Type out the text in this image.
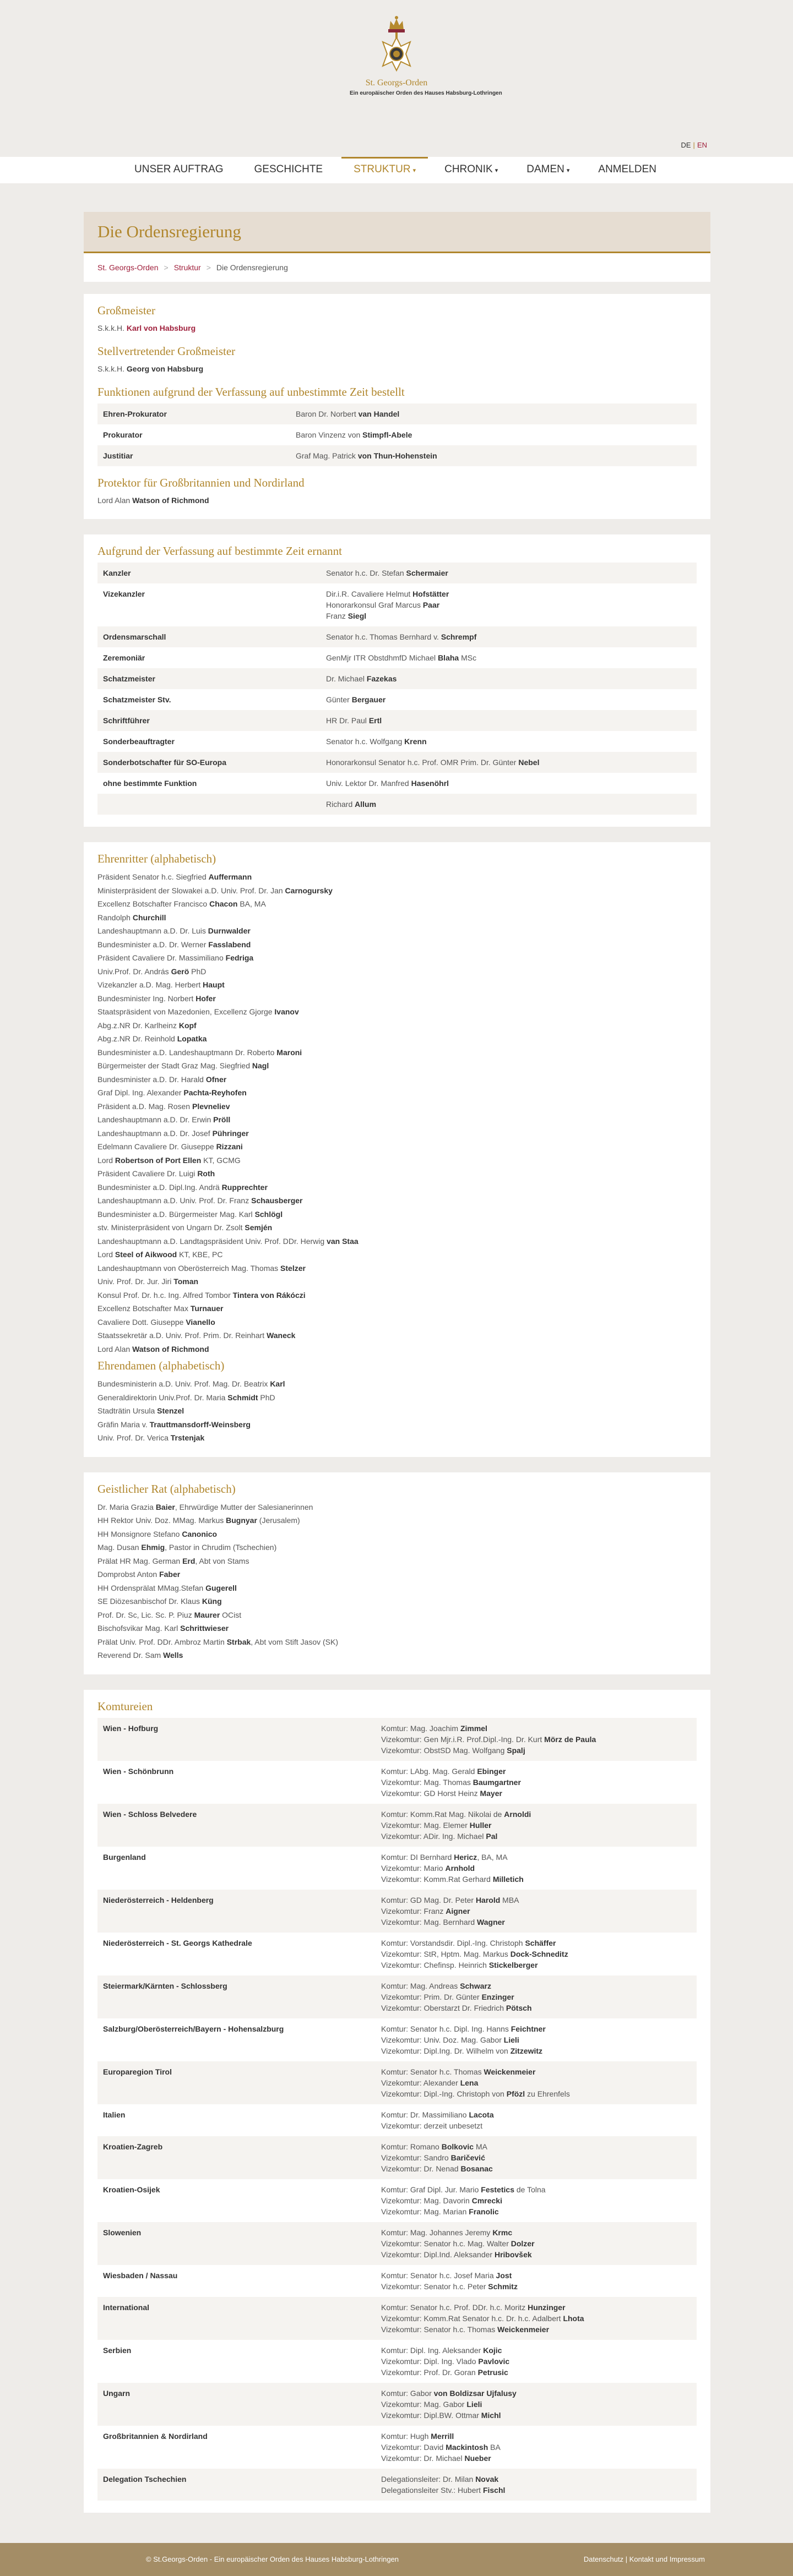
St. Georgs-Orden
Ein europäischer Orden des Hauses Habsburg-Lothringen
DE | EN
UNSER AUFTRAG	GESCHICHTE	STRUKTUR ▾	CHRONIK ▾	DAMEN ▾	ANMELDEN
Die Ordensregierung
St. Georgs-Orden > Struktur > Die Ordensregierung
Großmeister
S.k.k.H. Karl von Habsburg
Stellvertretender Großmeister
S.k.k.H. Georg von Habsburg
Funktionen aufgrund der Verfassung auf unbestimmte Zeit bestellt
Ehren-Prokurator	Baron Dr. Norbert van Handel

Prokurator	Baron Vinzenz von Stimpfl-Abele

Justitiar	Graf Mag. Patrick von Thun-Hohenstein
Protektor für Großbritannien und Nordirland
Lord Alan Watson of Richmond
Aufgrund der Verfassung auf bestimmte Zeit ernannt
Kanzler	Senator h.c. Dr. Stefan Schermaier

Vizekanzler	Dir.i.R. Cavaliere Helmut Hofstätter
Honorarkonsul Graf Marcus Paar
Franz Siegl

Ordensmarschall	Senator h.c. Thomas Bernhard v. Schrempf

Zeremoniär	GenMjr ITR ObstdhmfD Michael Blaha MSc

Schatzmeister	Dr. Michael Fazekas

Schatzmeister Stv.	Günter Bergauer

Schriftführer	HR Dr. Paul Ertl

Sonderbeauftragter	Senator h.c. Wolfgang Krenn

Sonderbotschafter für SO-Europa	Honorarkonsul Senator h.c. Prof. OMR Prim. Dr. Günter Nebel

ohne bestimmte Funktion	Univ. Lektor Dr. Manfred Hasenöhrl

	Richard Allum
Ehrenritter (alphabetisch)
Präsident Senator h.c. Siegfried Auffermann
Ministerpräsident der Slowakei a.D. Univ. Prof. Dr. Jan Carnogursky
Excellenz Botschafter Francisco Chacon BA, MA
Randolph Churchill
Landeshauptmann a.D. Dr. Luis Durnwalder
Bundesminister a.D. Dr. Werner Fasslabend
Präsident Cavaliere Dr. Massimiliano Fedriga
Univ.Prof. Dr. András Gerö PhD
Vizekanzler a.D. Mag. Herbert Haupt
Bundesminister Ing. Norbert Hofer
Staatspräsident von Mazedonien, Excellenz Gjorge Ivanov
Abg.z.NR Dr. Karlheinz Kopf
Abg.z.NR Dr. Reinhold Lopatka
Bundesminister a.D. Landeshauptmann Dr. Roberto Maroni
Bürgermeister der Stadt Graz Mag. Siegfried Nagl
Bundesminister a.D. Dr. Harald Ofner
Graf Dipl. Ing. Alexander Pachta-Reyhofen
Präsident a.D. Mag. Rosen Plevneliev
Landeshauptmann a.D. Dr. Erwin Pröll
Landeshauptmann a.D. Dr. Josef Pühringer
Edelmann Cavaliere Dr. Giuseppe Rizzani
Lord Robertson of Port Ellen KT, GCMG
Präsident Cavaliere Dr. Luigi Roth
Bundesminister a.D. Dipl.Ing. Andrä Rupprechter
Landeshauptmann a.D. Univ. Prof. Dr. Franz Schausberger
Bundesminister a.D. Bürgermeister Mag. Karl Schlögl
stv. Ministerpräsident von Ungarn Dr. Zsolt Semjén
Landeshauptmann a.D. Landtagspräsident Univ. Prof. DDr. Herwig van Staa
Lord Steel of Aikwood KT, KBE, PC
Landeshauptmann von Oberösterreich Mag. Thomas Stelzer
Univ. Prof. Dr. Jur. Jiri Toman
Konsul Prof. Dr. h.c. Ing. Alfred Tombor Tintera von Rákóczi
Excellenz Botschafter Max Turnauer
Cavaliere Dott. Giuseppe Vianello
Staatssekretär a.D. Univ. Prof. Prim. Dr. Reinhart Waneck
Lord Alan Watson of Richmond
Ehrendamen (alphabetisch)
Bundesministerin a.D. Univ. Prof. Mag. Dr. Beatrix Karl
Generaldirektorin Univ.Prof. Dr. Maria Schmidt PhD
Stadträtin Ursula Stenzel
Gräfin Maria v. Trauttmansdorff-Weinsberg
Univ. Prof. Dr. Verica Trstenjak
Geistlicher Rat (alphabetisch)
Dr. Maria Grazia Baier, Ehrwürdige Mutter der Salesianerinnen
HH Rektor Univ. Doz. MMag. Markus Bugnyar (Jerusalem)
HH Monsignore Stefano Canonico
Mag. Dusan Ehmig, Pastor in Chrudim (Tschechien)
Prälat HR Mag. German Erd, Abt von Stams
Domprobst Anton Faber
HH Ordensprälat MMag.Stefan Gugerell
SE Diözesanbischof Dr. Klaus Küng
Prof. Dr. Sc, Lic. Sc. P. Piuz Maurer OCist
Bischofsvikar Mag. Karl Schrittwieser
Prälat Univ. Prof. DDr. Ambroz Martin Strbak, Abt vom Stift Jasov (SK)
Reverend Dr. Sam Wells
Komtureien
Wien - Hofburg	Komtur: Mag. Joachim Zimmel
Vizekomtur: Gen Mjr.i.R. Prof.Dipl.-Ing. Dr. Kurt Mörz de Paula
Vizekomtur: ObstSD Mag. Wolfgang Spalj

Wien - Schönbrunn	Komtur: LAbg. Mag. Gerald Ebinger
Vizekomtur: Mag. Thomas Baumgartner
Vizekomtur: GD Horst Heinz Mayer

Wien - Schloss Belvedere	Komtur: Komm.Rat Mag. Nikolai de Arnoldi
Vizekomtur: Mag. Elemer Huller
Vizekomtur: ADir. Ing. Michael Pal

Burgenland	Komtur: DI Bernhard Hericz, BA, MA
Vizekomtur: Mario Arnhold
Vizekomtur: Komm.Rat Gerhard Milletich

Niederösterreich - Heldenberg	Komtur: GD Mag. Dr. Peter Harold MBA
Vizekomtur: Franz Aigner
Vizekomtur: Mag. Bernhard Wagner

Niederösterreich - St. Georgs Kathedrale	Komtur: Vorstandsdir. Dipl.-Ing. Christoph Schäffer
Vizekomtur: StR, Hptm. Mag. Markus Dock-Schneditz
Vizekomtur: Chefinsp. Heinrich Stickelberger

Steiermark/Kärnten - Schlossberg	Komtur: Mag. Andreas Schwarz
Vizekomtur: Prim. Dr. Günter Enzinger
Vizekomtur: Oberstarzt Dr. Friedrich Pötsch

Salzburg/Oberösterreich/Bayern - Hohensalzburg	Komtur: Senator h.c. Dipl. Ing. Hanns Feichtner
Vizekomtur: Univ. Doz. Mag. Gabor Lieli
Vizekomtur: Dipl.Ing. Dr. Wilhelm von Zitzewitz

Europaregion Tirol	Komtur: Senator h.c. Thomas Weickenmeier
Vizekomtur: Alexander Lena
Vizekomtur: Dipl.-Ing. Christoph von Pfözl zu Ehrenfels

Italien	Komtur: Dr. Massimiliano Lacota
Vizekomtur: derzeit unbesetzt

Kroatien-Zagreb	Komtur: Romano Bolkovic MA
Vizekomtur: Sandro Baričević
Vizekomtur: Dr. Nenad Bosanac

Kroatien-Osijek	Komtur: Graf Dipl. Jur. Mario Festetics de Tolna
Vizekomtur: Mag. Davorin Cmrecki
Vizekomtur: Mag. Marian Franolic

Slowenien	Komtur: Mag. Johannes Jeremy Krmc
Vizekomtur: Senator h.c. Mag. Walter Dolzer
Vizekomtur: Dipl.Ind. Aleksander Hribovšek

Wiesbaden / Nassau	Komtur: Senator h.c. Josef Maria Jost
Vizekomtur: Senator h.c. Peter Schmitz

International	Komtur: Senator h.c. Prof. DDr. h.c. Moritz Hunzinger
Vizekomtur: Komm.Rat Senator h.c. Dr. h.c. Adalbert Lhota
Vizekomtur: Senator h.c. Thomas Weickenmeier

Serbien	Komtur: Dipl. Ing. Aleksander Kojic
Vizekomtur: Dipl. Ing. Vlado Pavlovic
Vizekomtur: Prof. Dr. Goran Petrusic

Ungarn	Komtur: Gabor von Boldizsar Ujfalusy
Vizekomtur: Mag. Gabor Lieli
Vizekomtur: Dipl.BW. Ottmar Michl

Großbritannien & Nordirland	Komtur: Hugh Merrill
Vizekomtur: David Mackintosh BA
Vizekomtur: Dr. Michael Nueber

Delegation Tschechien	Delegationsleiter: Dr. Milan Novak
Delegationsleiter Stv.: Hubert Fischl
© St.Georgs-Orden - Ein europäischer Orden des Hauses Habsburg-Lothringen	Datenschutz | Kontakt und Impressum
